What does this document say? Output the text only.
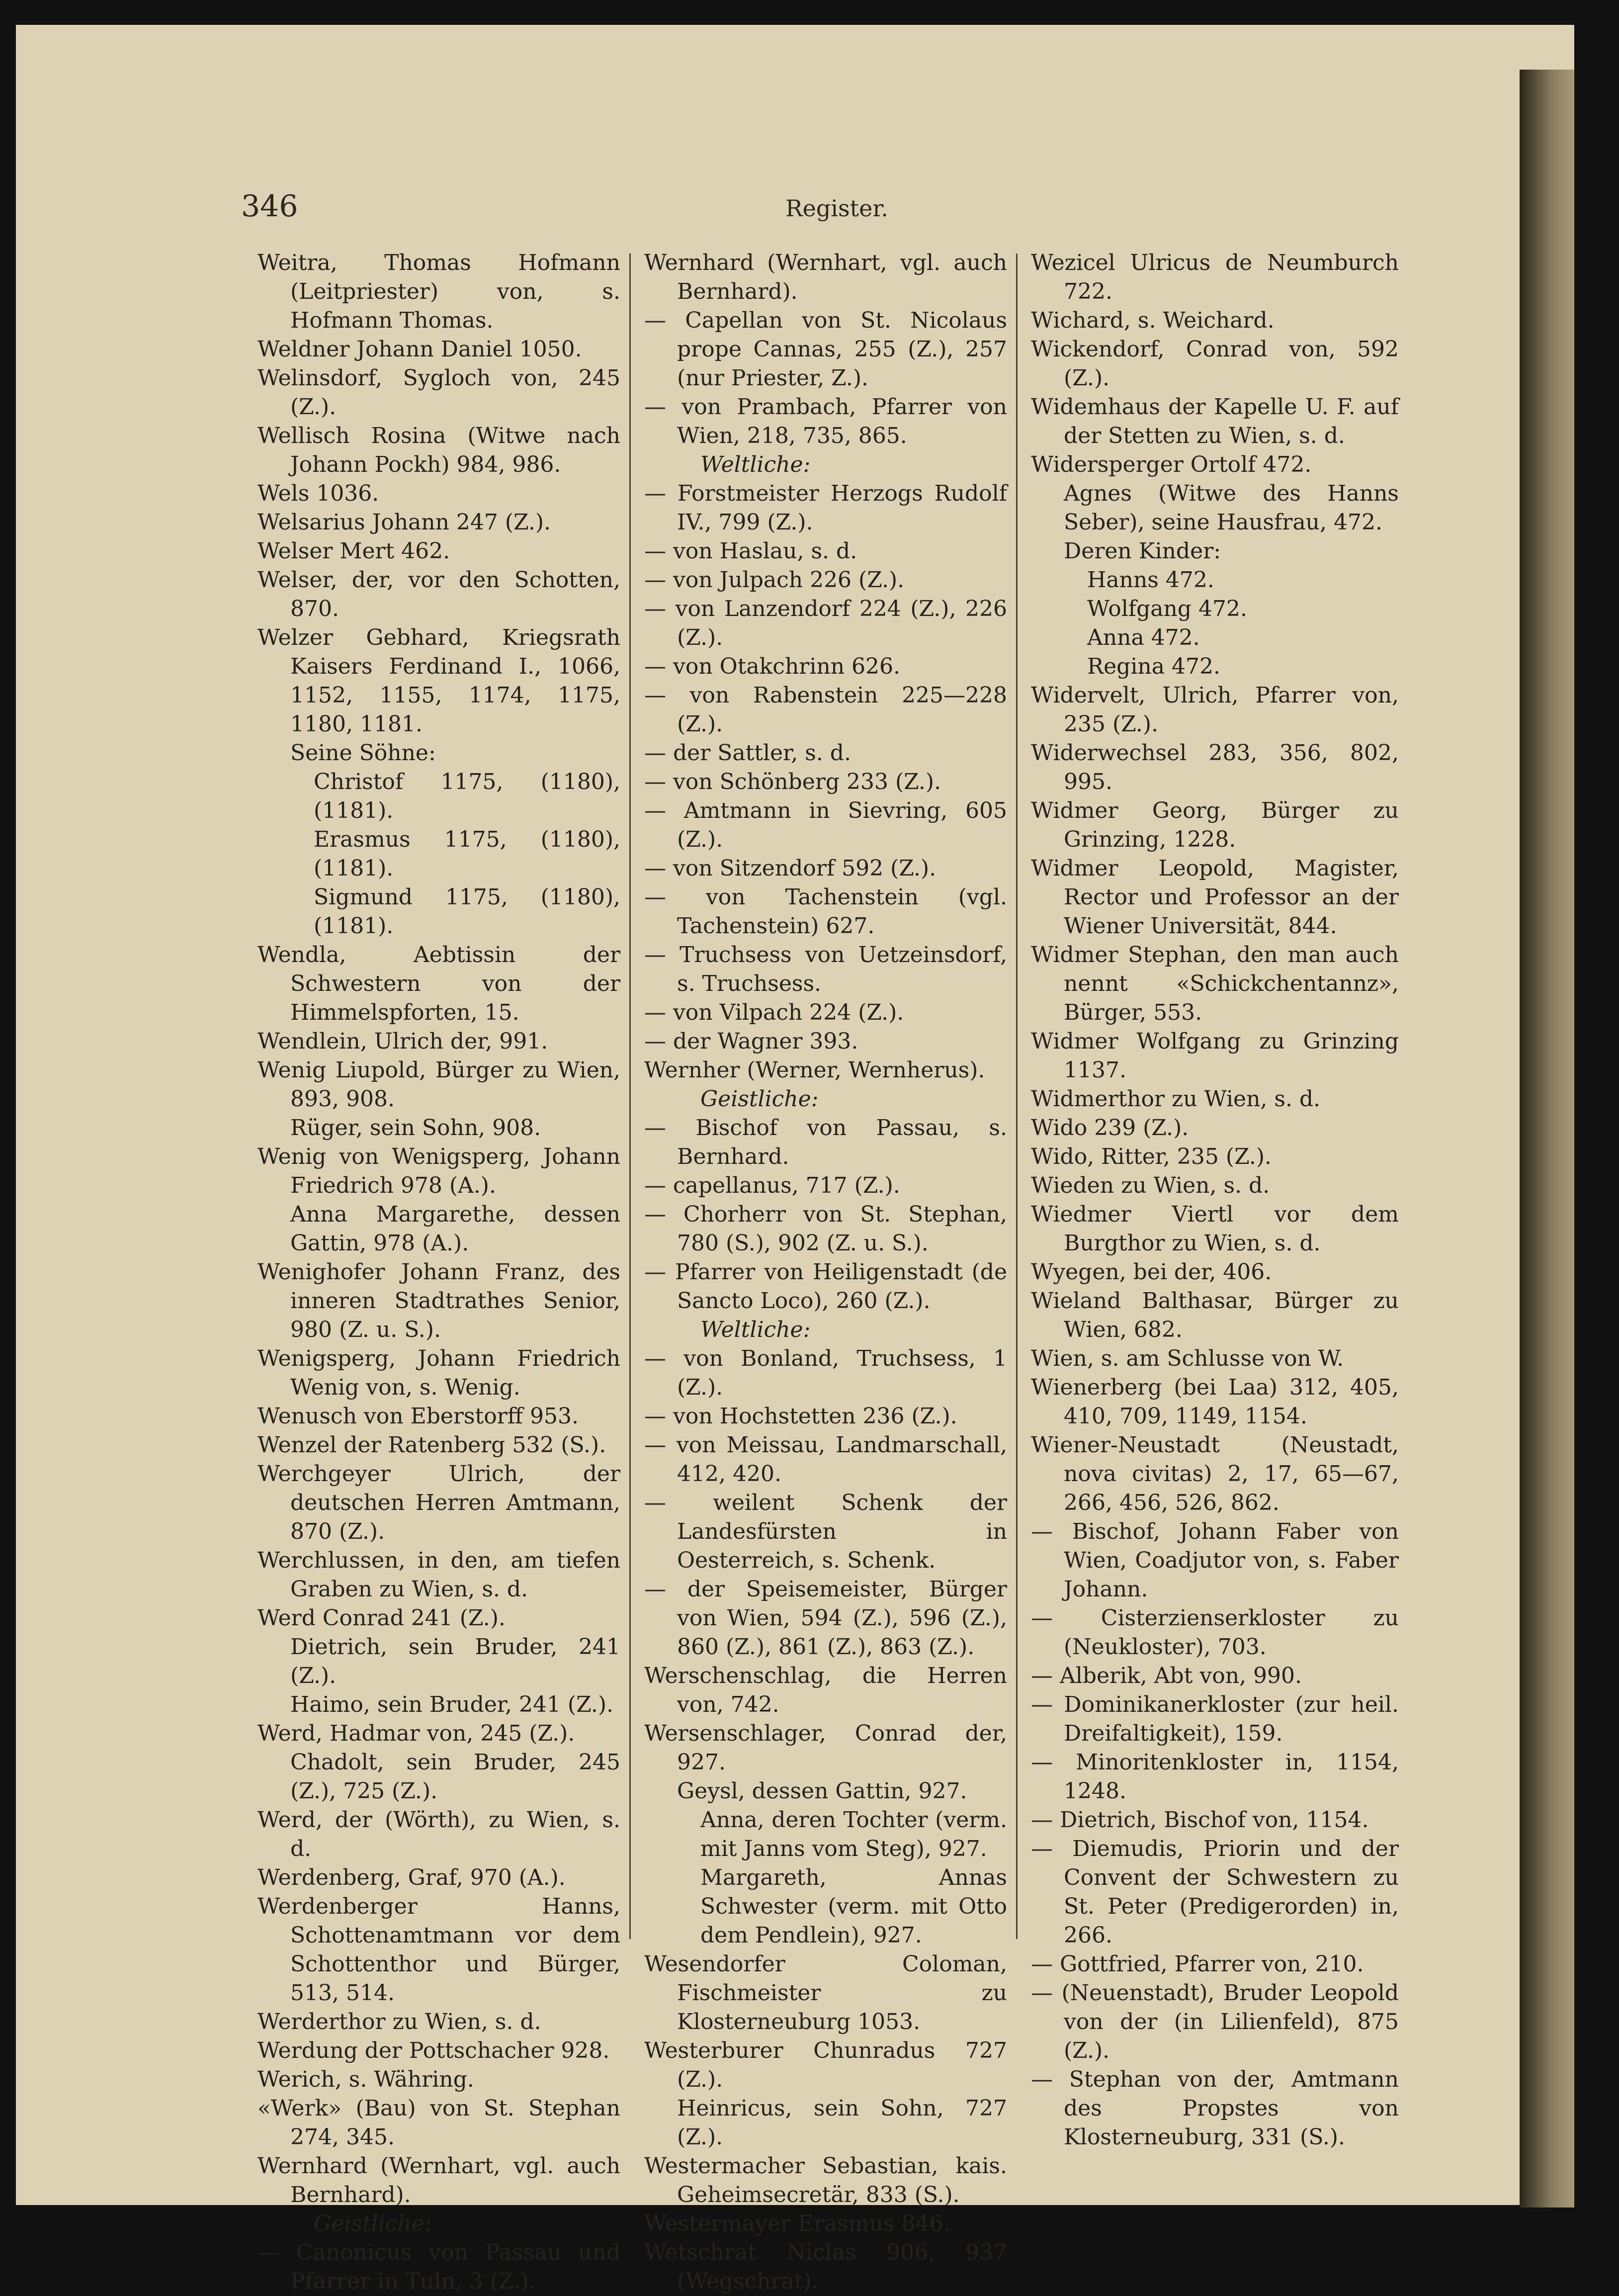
346	Register.
Weitra, Thomas Hofmann (Leitpriester) von, s. Hofmann Thomas.
Weldner Johann Daniel 1050.
Welinsdorf, Sygloch von, 245 (Z.).
Wellisch Rosina (Witwe nach Johann Pockh) 984, 986.
Wels 1036.
Welsarius Johann 247 (Z.).
Welser Mert 462.
Welser, der, vor den Schotten, 870.
Welzer Gebhard, Kriegsrath Kaisers Ferdinand I., 1066, 1152, 1155, 1174, 1175, 1180, 1181.
Seine Söhne:
Christof 1175, (1180), (1181).
Erasmus 1175, (1180), (1181).
Sigmund 1175, (1180), (1181).
Wendla, Aebtissin der Schwestern von der Himmelspforten, 15.
Wendlein, Ulrich der, 991.
Wenig Liupold, Bürger zu Wien, 893, 908.
Rüger, sein Sohn, 908.
Wenig von Wenigsperg, Johann Friedrich 978 (A.).
Anna Margarethe, dessen Gattin, 978 (A.).
Wenighofer Johann Franz, des inneren Stadtrathes Senior, 980 (Z. u. S.).
Wenigsperg, Johann Friedrich Wenig von, s. Wenig.
Wenusch von Eberstorff 953.
Wenzel der Ratenberg 532 (S.).
Werchgeyer Ulrich, der deutschen Herren Amtmann, 870 (Z.).
Werchlussen, in den, am tiefen Graben zu Wien, s. d.
Werd Conrad 241 (Z.).
Dietrich, sein Bruder, 241 (Z.).
Haimo, sein Bruder, 241 (Z.).
Werd, Hadmar von, 245 (Z.).
Chadolt, sein Bruder, 245 (Z.), 725 (Z.).
Werd, der (Wörth), zu Wien, s. d.
Werdenberg, Graf, 970 (A.).
Werdenberger Hanns, Schottenamtmann vor dem Schottenthor und Bürger, 513, 514.
Werderthor zu Wien, s. d.
Werdung der Pottschacher 928.
Werich, s. Währing.
«Werk» (Bau) von St. Stephan 274, 345.
Wernhard (Wernhart, vgl. auch Bernhard).
Geistliche:
— Canonicus von Passau und Pfarrer in Tuln, 3 (Z.).
Wernhard (Wernhart, vgl. auch Bernhard).
— Capellan von St. Nicolaus prope Cannas, 255 (Z.), 257 (nur Priester, Z.).
— von Prambach, Pfarrer von Wien, 218, 735, 865.
Weltliche:
— Forstmeister Herzogs Rudolf IV., 799 (Z.).
— von Haslau, s. d.
— von Julpach 226 (Z.).
— von Lanzendorf 224 (Z.), 226 (Z.).
— von Otakchrinn 626.
— von Rabenstein 225—228 (Z.).
— der Sattler, s. d.
— von Schönberg 233 (Z.).
— Amtmann in Sievring, 605 (Z.).
— von Sitzendorf 592 (Z.).
— von Tachenstein (vgl. Tachenstein) 627.
— Truchsess von Uetzeinsdorf, s. Truchsess.
— von Vilpach 224 (Z.).
— der Wagner 393.
Wernher (Werner, Wernherus).
Geistliche:
— Bischof von Passau, s. Bernhard.
— capellanus, 717 (Z.).
— Chorherr von St. Stephan, 780 (S.), 902 (Z. u. S.).
— Pfarrer von Heiligenstadt (de Sancto Loco), 260 (Z.).
Weltliche:
— von Bonland, Truchsess, 1 (Z.).
— von Hochstetten 236 (Z.).
— von Meissau, Landmarschall, 412, 420.
— weilent Schenk der Landesfürsten in Oesterreich, s. Schenk.
— der Speisemeister, Bürger von Wien, 594 (Z.), 596 (Z.), 860 (Z.), 861 (Z.), 863 (Z.).
Werschenschlag, die Herren von, 742.
Wersenschlager, Conrad der, 927.
Geysl, dessen Gattin, 927.
Anna, deren Tochter (verm. mit Janns vom Steg), 927.
Margareth, Annas Schwester (verm. mit Otto dem Pendlein), 927.
Wesendorfer Coloman, Fischmeister zu Klosterneuburg 1053.
Westerburer Chunradus 727 (Z.).
Heinricus, sein Sohn, 727 (Z.).
Westermacher Sebastian, kais. Geheimsecretär, 833 (S.).
Westermayer Erasmus 846.
Wetschrat Niclas 906, 937 (Wegschrat).
Wezicel Ulricus de Neumburch 722.
Wichard, s. Weichard.
Wickendorf, Conrad von, 592 (Z.).
Widemhaus der Kapelle U. F. auf der Stetten zu Wien, s. d.
Widersperger Ortolf 472.
Agnes (Witwe des Hanns Seber), seine Hausfrau, 472.
Deren Kinder:
Hanns 472.
Wolfgang 472.
Anna 472.
Regina 472.
Widervelt, Ulrich, Pfarrer von, 235 (Z.).
Widerwechsel 283, 356, 802, 995.
Widmer Georg, Bürger zu Grinzing, 1228.
Widmer Leopold, Magister, Rector und Professor an der Wiener Universität, 844.
Widmer Stephan, den man auch nennt «Schickchentannz», Bürger, 553.
Widmer Wolfgang zu Grinzing 1137.
Widmerthor zu Wien, s. d.
Wido 239 (Z.).
Wido, Ritter, 235 (Z.).
Wieden zu Wien, s. d.
Wiedmer Viertl vor dem Burgthor zu Wien, s. d.
Wyegen, bei der, 406.
Wieland Balthasar, Bürger zu Wien, 682.
Wien, s. am Schlusse von W.
Wienerberg (bei Laa) 312, 405, 410, 709, 1149, 1154.
Wiener-Neustadt (Neustadt, nova civitas) 2, 17, 65—67, 266, 456, 526, 862.
— Bischof, Johann Faber von Wien, Coadjutor von, s. Faber Johann.
— Cisterzienserkloster zu (Neukloster), 703.
— Alberik, Abt von, 990.
— Dominikanerkloster (zur heil. Dreifaltigkeit), 159.
— Minoritenkloster in, 1154, 1248.
— Dietrich, Bischof von, 1154.
— Diemudis, Priorin und der Convent der Schwestern zu St. Peter (Predigerorden) in, 266.
— Gottfried, Pfarrer von, 210.
— (Neuenstadt), Bruder Leopold von der (in Lilienfeld), 875 (Z.).
— Stephan von der, Amtmann des Propstes von Klosterneuburg, 331 (S.).
